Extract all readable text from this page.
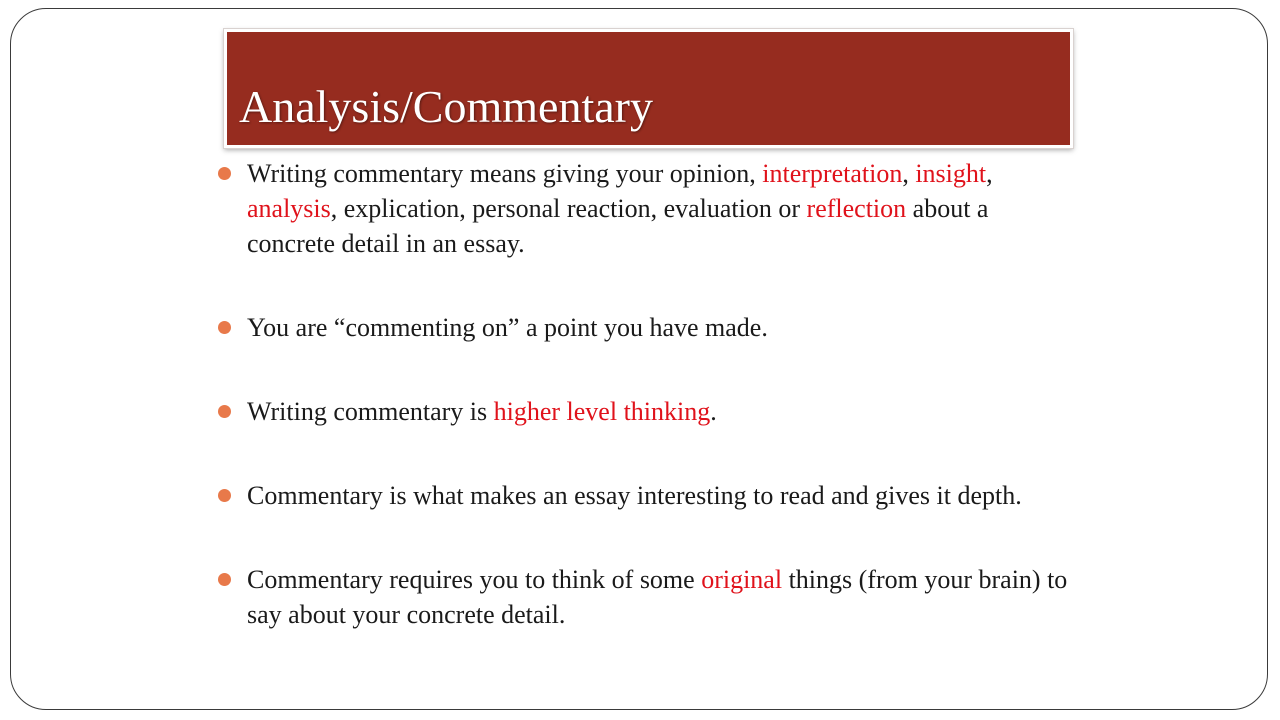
Analysis/Commentary
Writing commentary means giving your opinion, interpretation, insight, analysis, explication, personal reaction, evaluation or reflection about a concrete detail in an essay.
You are “commenting on” a point you have made.
Writing commentary is higher level thinking.
Commentary is what makes an essay interesting to read and gives it depth.
Commentary requires you to think of some original things (from your brain) to say about your concrete detail.
